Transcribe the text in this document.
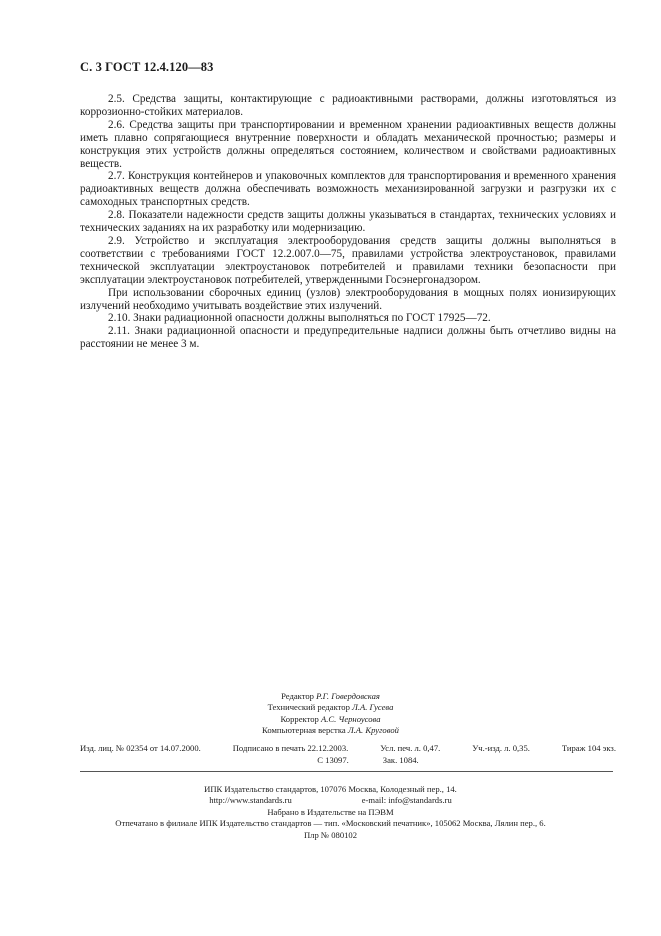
С. 3 ГОСТ 12.4.120—83
2.5. Средства защиты, контактирующие с радиоактивными растворами, должны изготовляться из коррозионно-стойких материалов.
2.6. Средства защиты при транспортировании и временном хранении радиоактивных веществ должны иметь плавно сопрягающиеся внутренние поверхности и обладать механической прочностью; размеры и конструкция этих устройств должны определяться состоянием, количеством и свойствами радиоактивных веществ.
2.7. Конструкция контейнеров и упаковочных комплектов для транспортирования и временного хранения радиоактивных веществ должна обеспечивать возможность механизированной загрузки и разгрузки их с самоходных транспортных средств.
2.8. Показатели надежности средств защиты должны указываться в стандартах, технических условиях и технических заданиях на их разработку или модернизацию.
2.9. Устройство и эксплуатация электрооборудования средств защиты должны выполняться в соответствии с требованиями ГОСТ 12.2.007.0—75, правилами устройства электроустановок, правилами технической эксплуатации электроустановок потребителей и правилами техники безопасности при эксплуатации электроустановок потребителей, утвержденными Госэнергонадзором.
При использовании сборочных единиц (узлов) электрооборудования в мощных полях ионизирующих излучений необходимо учитывать воздействие этих излучений.
2.10. Знаки радиационной опасности должны выполняться по ГОСТ 17925—72.
2.11. Знаки радиационной опасности и предупредительные надписи должны быть отчетливо видны на расстоянии не менее 3 м.
Редактор Р.Г. Говердовская
Технический редактор Л.А. Гусева
Корректор А.С. Черноусова
Компьютерная верстка Л.А. Круговой
Изд. лиц. № 02354 от 14.07.2000.	Подписано в печать 22.12.2003.	Усл. печ. л. 0,47.	Уч.-изд. л. 0,35.	Тираж 104 экз.
С 13097.	Зак. 1084.
ИПК Издательство стандартов, 107076 Москва, Колодезный пер., 14.
http://www.standards.ru	e-mail: info@standards.ru
Набрано в Издательстве на ПЭВМ
Отпечатано в филиале ИПК Издательство стандартов — тип. «Московский печатник», 105062 Москва, Лялин пер., 6.
Плр № 080102
